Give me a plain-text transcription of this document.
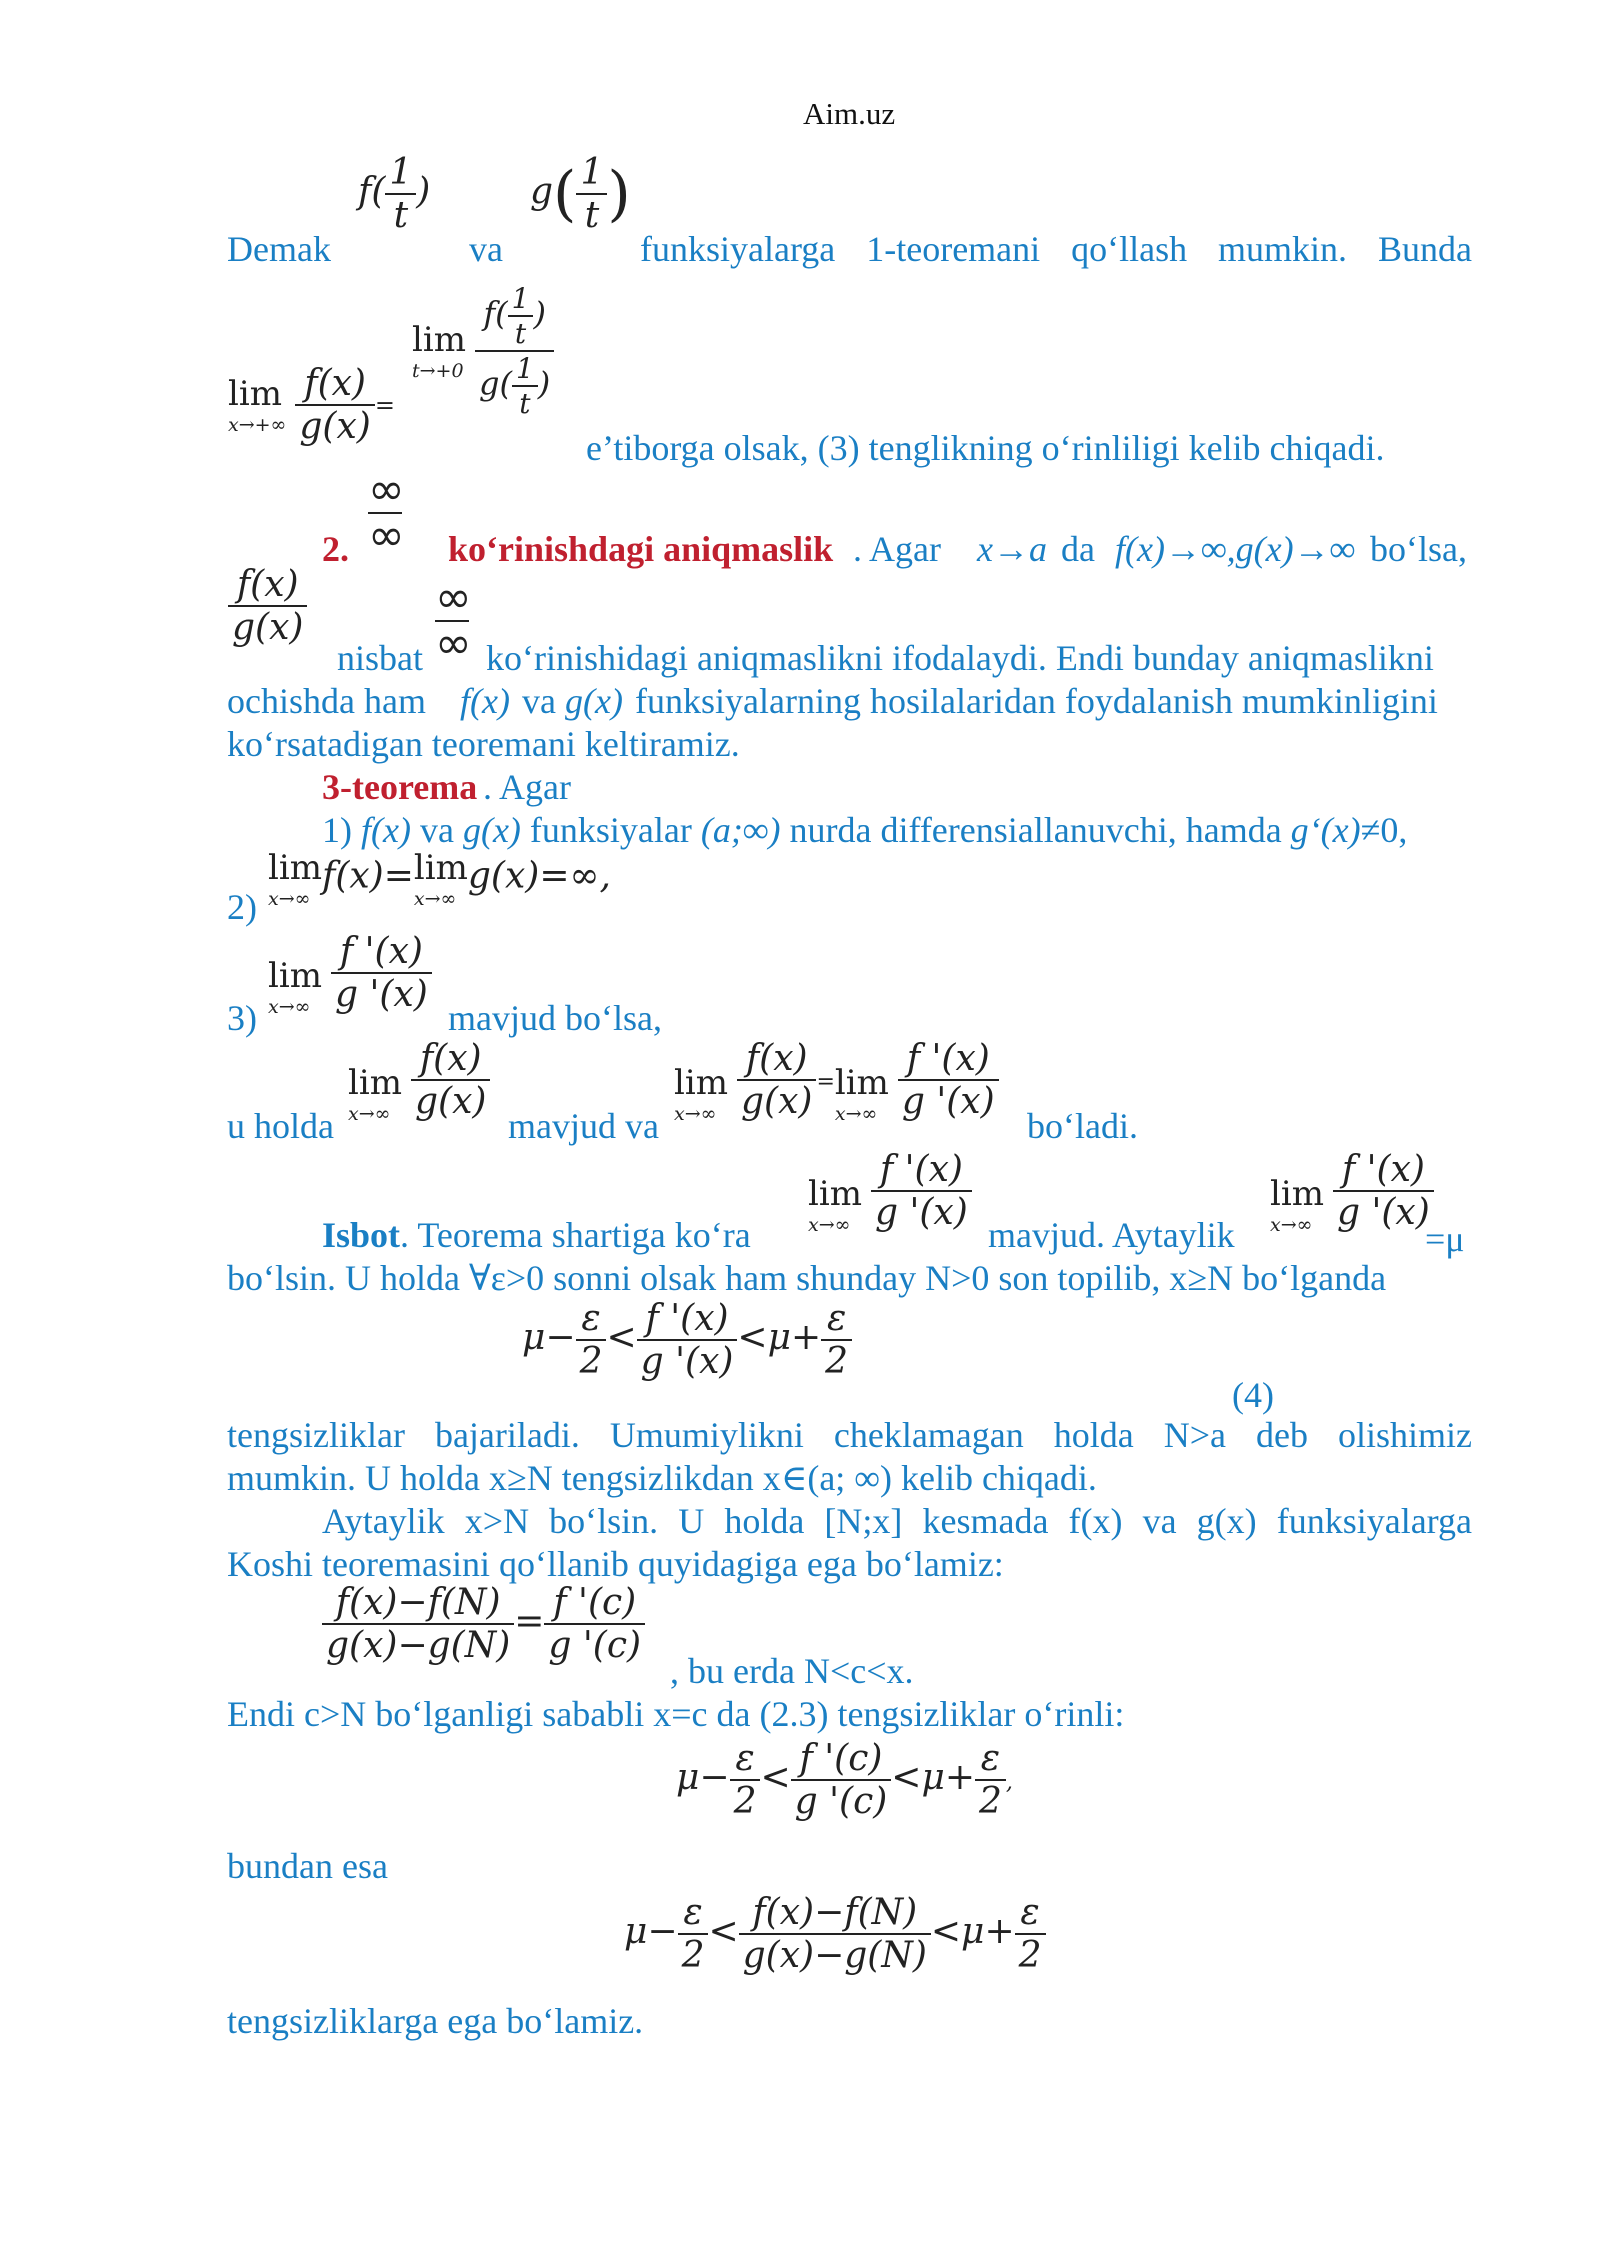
Aim.uz
Demak
$f( \frac{1}{t}$ )
va
$g( \frac{1}{t}$ )
funksiyalarga 1-teoremani qo‘llash mumkin. Bunda
lim
x→+∞
$\frac{f(x)}{g(x)}$ =
lim
t→+0
$\frac{f( \frac{1}{t} )}{g( \frac{1}{t} )}$
e’tiborga olsak, (3) tenglikning o‘rinliligi kelib chiqadi.
∞
∞
2.	ko‘rinishdagi aniqmaslik . Agar x→a da f(x)→∞,g(x)→∞ bo‘lsa,
$\frac{f(x)}{g(x)}$
nisbat
∞
∞ ko‘rinishidagi aniqmaslikni ifodalaydi. Endi bunday aniqmaslikni
ochishda ham f(x) va g(x) funksiyalarning hosilalaridan foydalanish mumkinligini
ko‘rsatadigan teoremani keltiramiz.
3-teorema . Agar
1) f(x) va g(x) funksiyalar (a;∞) nurda differensiallanuvchi, hamda g‘(x)≠0,
2)
lim
x→∞
f(x)= lim
x→∞
g(x)=∞,
3)
lim
x→∞
$\frac{f '(x)}{g '(x)}$
mavjud bo‘lsa,
u holda
lim
x→∞
$\frac{f(x)}{g(x)}$
mavjud va
lim
x→∞
$\frac{f(x)}{g(x)} = \lim$
x→∞
$\frac{f '(x)}{g '(x)}$
bo‘ladi.
lim
x→∞
$\frac{f '(x)}{g '(x)}$	lim
x→∞
$\frac{f '(x)}{g '(x)}$
=μ
Isbot. Teorema shartiga ko‘ra	mavjud. Aytaylik
bo‘lsin. U holda ∀ε>0 sonni olsak ham shunday N>0 son topilib, x≥N bo‘lganda
$\mu- \frac{\varepsilon}{2} < \frac{f '(x)}{g '(x)} <\mu+ \frac{\varepsilon}{2}$
(4)
tengsizliklar bajariladi. Umumiylikni cheklamagan holda N>a deb olishimiz
mumkin. U holda x≥N tengsizlikdan x∈(a; ∞) kelib chiqadi.
Aytaylik x>N bo‘lsin. U holda [N;x] kesmada f(x) va g(x) funksiyalarga
Koshi teoremasini qo‘llanib quyidagiga ega bo‘lamiz:
$\frac{f(x)-f(N)}{g(x)-g(N)} = \frac{f '(c)}{g '(c)}$
, bu erda N<c<x.
Endi c>N bo‘lganligi sababli x=c da (2.3) tengsizliklar o‘rinli:
$\mu- \frac{\varepsilon}{2} < \frac{f '(c)}{g '(c)} <\mu+ \frac{\varepsilon}{2}$ ,
bundan esa
$\mu- \frac{\varepsilon}{2} < \frac{f(x)-f(N)}{g(x)-g(N)} <\mu+ \frac{\varepsilon}{2}$
tengsizliklarga ega bo‘lamiz.
